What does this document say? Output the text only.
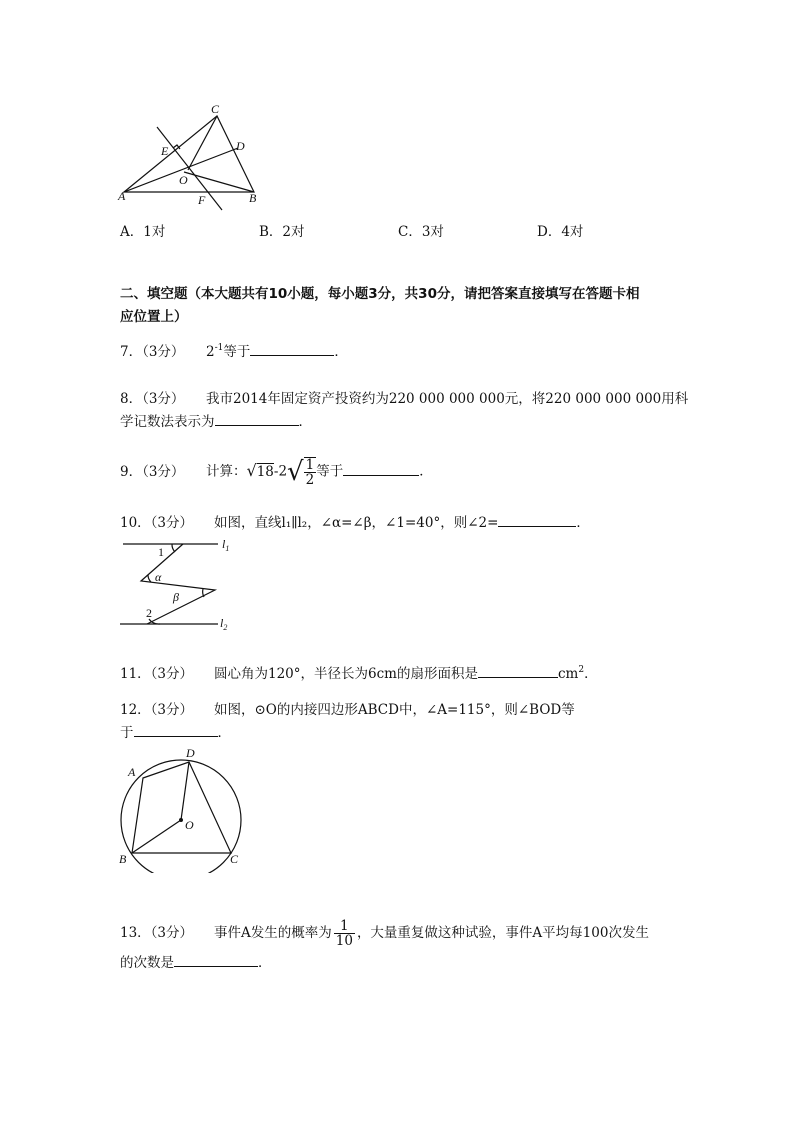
C
D
E
O
A	B
F
A．1对	B．2对	C．3对	D．4对
二、填空题（本大题共有10小题，每小题3分，共30分，请把答案直接填写在答题卡相
应位置上）
7．（3分） $2^{-1}$等于	．
8．（3分） 我市2014年固定资产投资约为220 000 000 000元，将220 000 000 000用科
学记数法表示为	．
9．（3分） 计算：$√18-2√ \frac{1}{2}$ 等于	．
10．（3分） 如图，直线l₁∥l₂，∠α=∠β，∠1=40°，则∠2=	．
1
α
β
2
$l_1$
$l_2$
11．（3分） 圆心角为120°，半径长为6cm的扇形面积是	$cm^2$．
12．（3分） 如图，⊙O的内接四边形ABCD中，∠A=115°，则∠BOD等
于	．
A
D
O
B	C
13．（3分）	事件A发生的概率为 $\frac{1}{10}$ ，大量重复做这种试验，事件A平均每100次发生
的次数是	．
